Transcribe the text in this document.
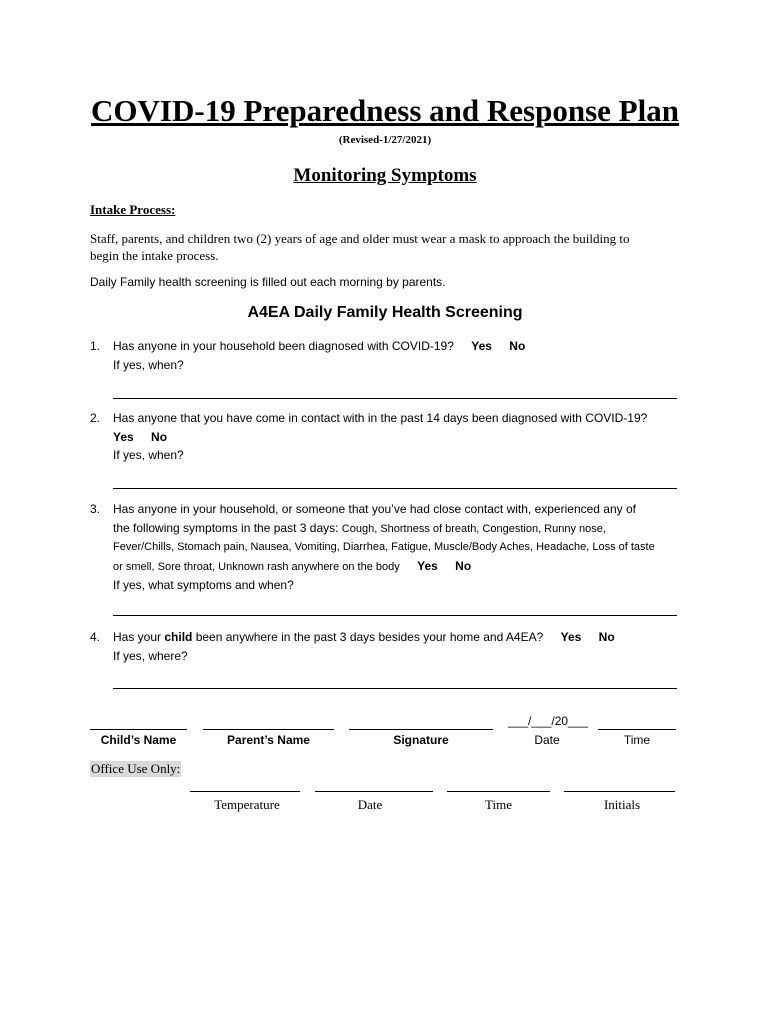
COVID-19 Preparedness and Response Plan
(Revised-1/27/2021)
Monitoring Symptoms
Intake Process:
Staff, parents, and children two (2) years of age and older must wear a mask to approach the building to
begin the intake process.
Daily Family health screening is filled out each morning by parents.
A4EA Daily Family Health Screening
1. Has anyone in your household been diagnosed with COVID-19? Yes No
If yes, when?
2. Has anyone that you have come in contact with in the past 14 days been diagnosed with COVID-19?
Yes No
If yes, when?
3. Has anyone in your household, or someone that you’ve had close contact with, experienced any of
the following symptoms in the past 3 days: Cough, Shortness of breath, Congestion, Runny nose,
Fever/Chills, Stomach pain, Nausea, Vomiting, Diarrhea, Fatigue, Muscle/Body Aches, Headache, Loss of taste
or smell, Sore throat, Unknown rash anywhere on the body Yes No
If yes, what symptoms and when?
4. Has your child been anywhere in the past 3 days besides your home and A4EA? Yes No
If yes, where?
___/___/20___
Child’s Name	Parent’s Name	Signature	Date	Time
Office Use Only:
Temperature	Date	Time	Initials
